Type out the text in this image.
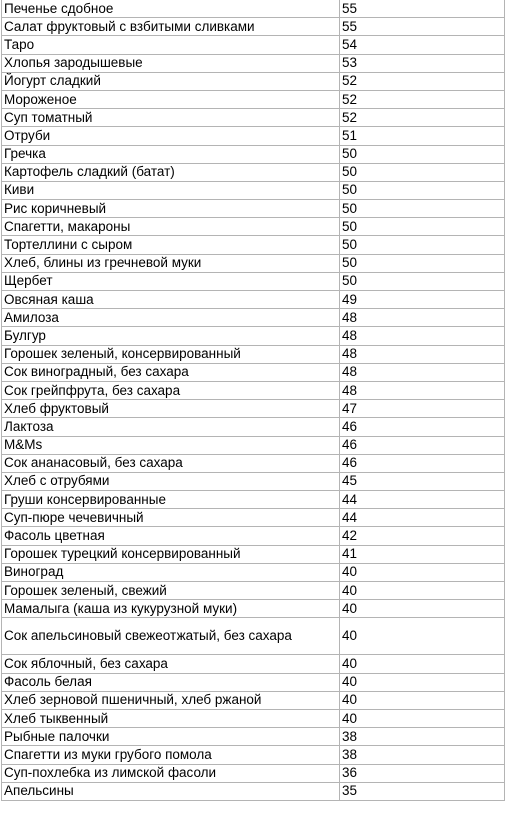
Печенье сдобное	55
Салат фруктовый с взбитыми сливками	55
Таро	54
Хлопья зародышевые	53
Йогурт сладкий	52
Мороженое	52
Суп томатный	52
Отруби	51
Гречка	50
Картофель сладкий (батат)	50
Киви	50
Рис коричневый	50
Спагетти, макароны	50
Тортеллини с сыром	50
Хлеб, блины из гречневой муки	50
Щербет	50
Овсяная каша	49
Амилоза	48
Булгур	48
Горошек зеленый, консервированный	48
Сок виноградный, без сахара	48
Сок грейпфрута, без сахара	48
Хлеб фруктовый	47
Лактоза	46
M&Ms	46
Сок ананасовый, без сахара	46
Хлеб с отрубями	45
Груши консервированные	44
Суп-пюре чечевичный	44
Фасоль цветная	42
Горошек турецкий консервированный	41
Виноград	40
Горошек зеленый, свежий	40
Мамалыга (каша из кукурузной муки)	40
Сок апельсиновый свежеотжатый, без сахара	40
Сок яблочный, без сахара	40
Фасоль белая	40
Хлеб зерновой пшеничный, хлеб ржаной	40
Хлеб тыквенный	40
Рыбные палочки	38
Спагетти из муки грубого помола	38
Суп-похлебка из лимской фасоли	36
Апельсины	35
